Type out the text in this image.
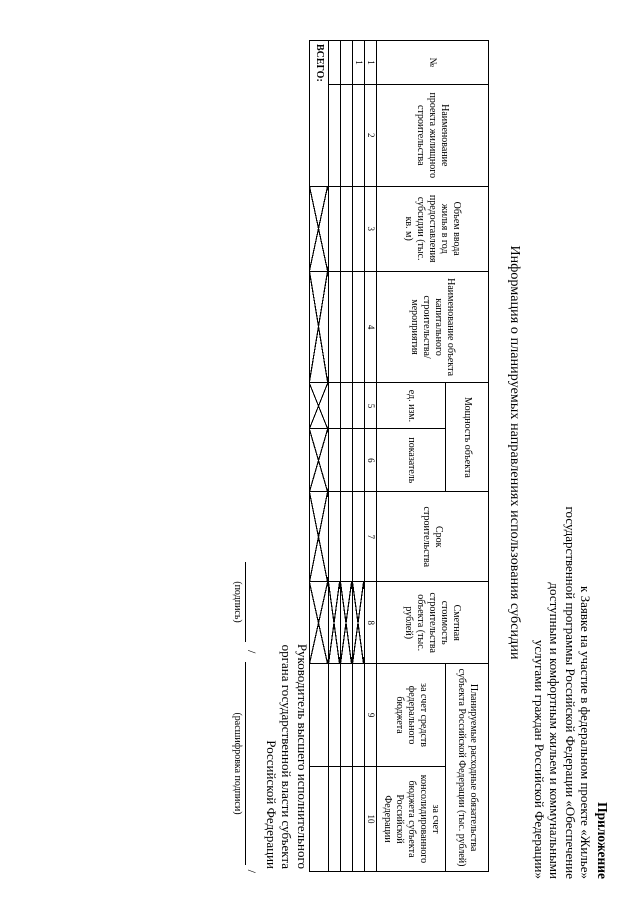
Приложение
к Заявке на участие в федеральном проекте «Жилье»
государственной программы Российской Федерации «Обеспечение
доступным и комфортным жильем и коммунальными
услугами граждан Российской Федерации»
Информация о планируемых направлениях использования субсидии
№	Наименование проекта жилищного строительства	Объем ввода жилья в год предоставления субсидии (тыс. кв. м)	Наименование объекта капитального строительства/ мероприятия	Мощность объекта		Срок строительства	Сметная стоимость строительства объекта (тыс. рублей)	Планируемые расходные обязательства субъекта Российской Федерации (тыс. рублей)	
				ед. изм.	показатель			за счет средств федерального бюджета	за счет консолидированного бюджета субъекта Российской Федерации
1	2	3	4	5	6	7	8	9	10
1									

ВСЕГО:									
Руководитель высшего исполнительного
органа государственной власти субъекта
Российской Федерации
/
/
(подпись)
(расшифровка подписи)
